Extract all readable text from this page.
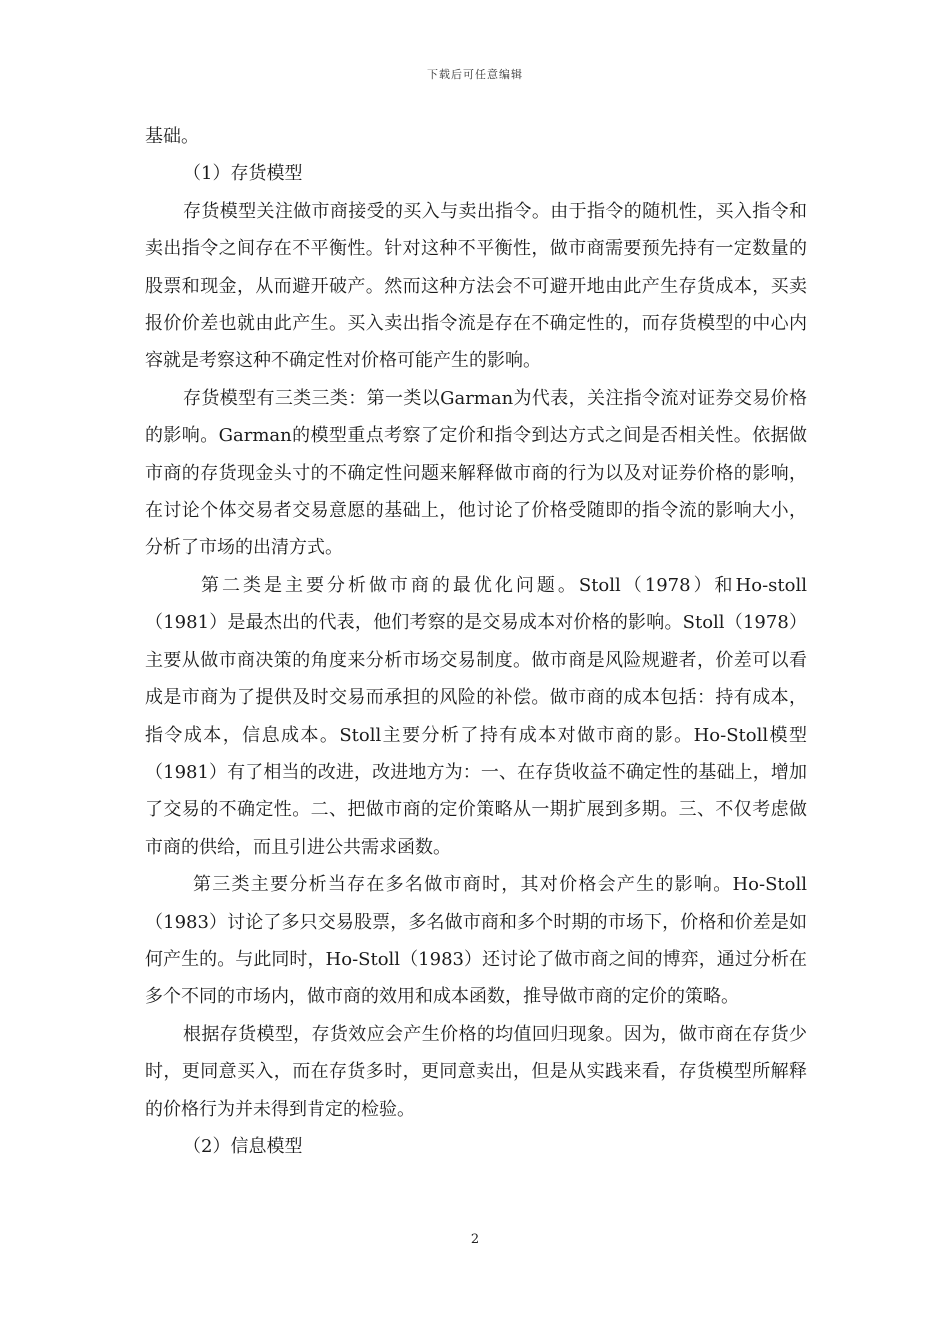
下载后可任意编辑

基础。

（1）存货模型

存货模型关注做市商接受的买入与卖出指令。由于指令的随机性，买入指令和卖出指令之间存在不平衡性。针对这种不平衡性，做市商需要预先持有一定数量的股票和现金，从而避开破产。然而这种方法会不可避开地由此产生存货成本，买卖报价价差也就由此产生。买入卖出指令流是存在不确定性的，而存货模型的中心内容就是考察这种不确定性对价格可能产生的影响。

存货模型有三类三类：第一类以Garman为代表，关注指令流对证券交易价格的影响。Garman的模型重点考察了定价和指令到达方式之间是否相关性。依据做市商的存货现金头寸的不确定性问题来解释做市商的行为以及对证券价格的影响，在讨论个体交易者交易意愿的基础上，他讨论了价格受随即的指令流的影响大小，分析了市场的出清方式。

第二类是主要分析做市商的最优化问题。Stoll（1978）和Ho-stoll（1981）是最杰出的代表，他们考察的是交易成本对价格的影响。Stoll（1978）主要从做市商决策的角度来分析市场交易制度。做市商是风险规避者，价差可以看成是市商为了提供及时交易而承担的风险的补偿。做市商的成本包括：持有成本，指令成本，信息成本。Stoll主要分析了持有成本对做市商的影。Ho-Stoll模型（1981）有了相当的改进，改进地方为：一、在存货收益不确定性的基础上，增加了交易的不确定性。二、把做市商的定价策略从一期扩展到多期。三、不仅考虑做市商的供给，而且引进公共需求函数。

第三类主要分析当存在多名做市商时，其对价格会产生的影响。Ho-Stoll（1983）讨论了多只交易股票，多名做市商和多个时期的市场下，价格和价差是如何产生的。与此同时，Ho-Stoll（1983）还讨论了做市商之间的博弈，通过分析在多个不同的市场内，做市商的效用和成本函数，推导做市商的定价的策略。

根据存货模型，存货效应会产生价格的均值回归现象。因为，做市商在存货少时，更同意买入，而在存货多时，更同意卖出，但是从实践来看，存货模型所解释的价格行为并未得到肯定的检验。

（2）信息模型

2
